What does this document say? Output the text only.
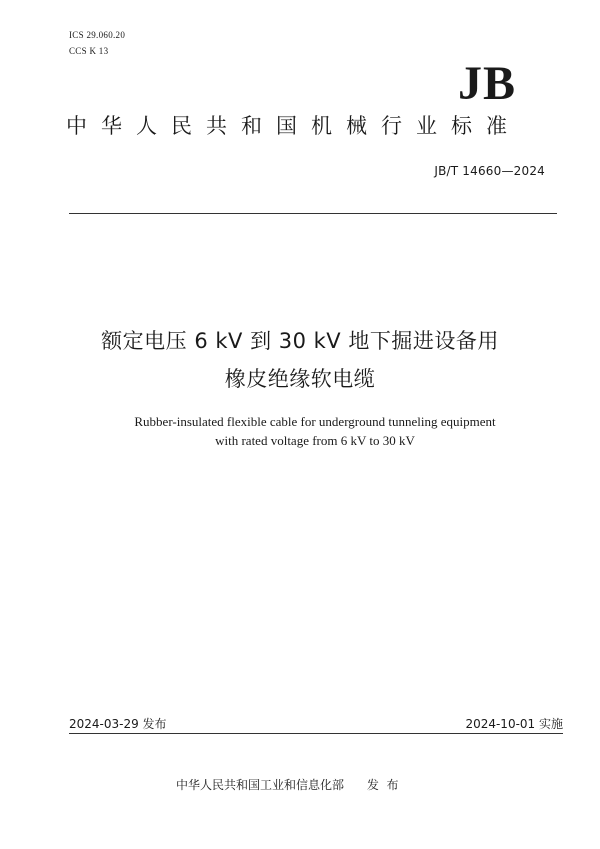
ICS 29.060.20
CCS K 13
JB
中华人民共和国机械行业标准
JB/T 14660—2024
额定电压 6 kV 到 30 kV 地下掘进设备用
橡皮绝缘软电缆
Rubber-insulated flexible cable for underground tunneling equipment
with rated voltage from 6 kV to 30 kV
2024-03-29 发布	2024-10-01 实施
中华人民共和国工业和信息化部      发  布
